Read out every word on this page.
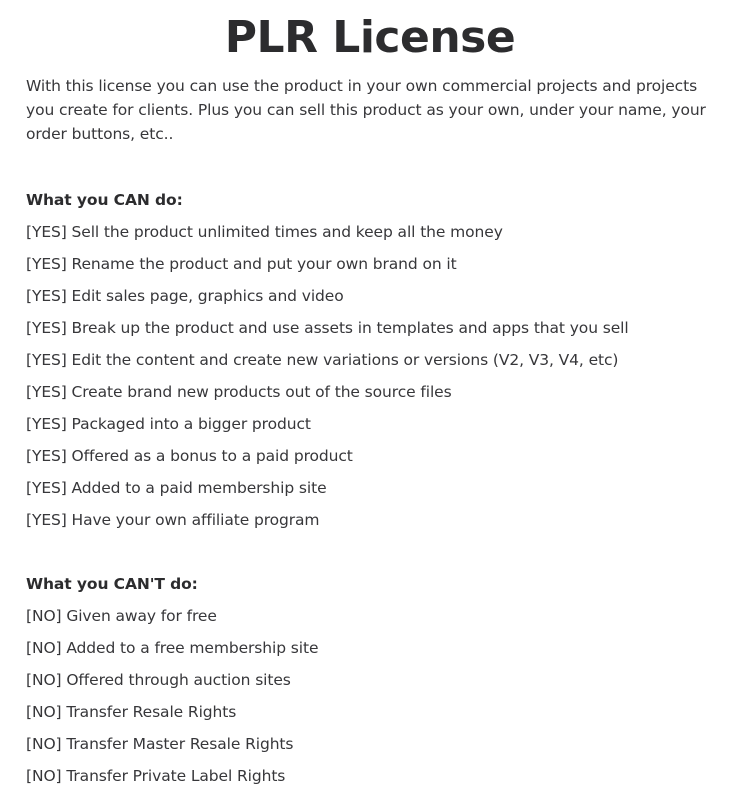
PLR License

With this license you can use the product in your own commercial projects and projects you create for clients. Plus you can sell this product as your own, under your name, your order buttons, etc..

What you CAN do:
[YES] Sell the product unlimited times and keep all the money
[YES] Rename the product and put your own brand on it
[YES] Edit sales page, graphics and video
[YES] Break up the product and use assets in templates and apps that you sell
[YES] Edit the content and create new variations or versions (V2, V3, V4, etc)
[YES] Create brand new products out of the source files
[YES] Packaged into a bigger product
[YES] Offered as a bonus to a paid product
[YES] Added to a paid membership site
[YES] Have your own affiliate program
What you CAN'T do:
[NO] Given away for free
[NO] Added to a free membership site
[NO] Offered through auction sites
[NO] Transfer Resale Rights
[NO] Transfer Master Resale Rights
[NO] Transfer Private Label Rights
